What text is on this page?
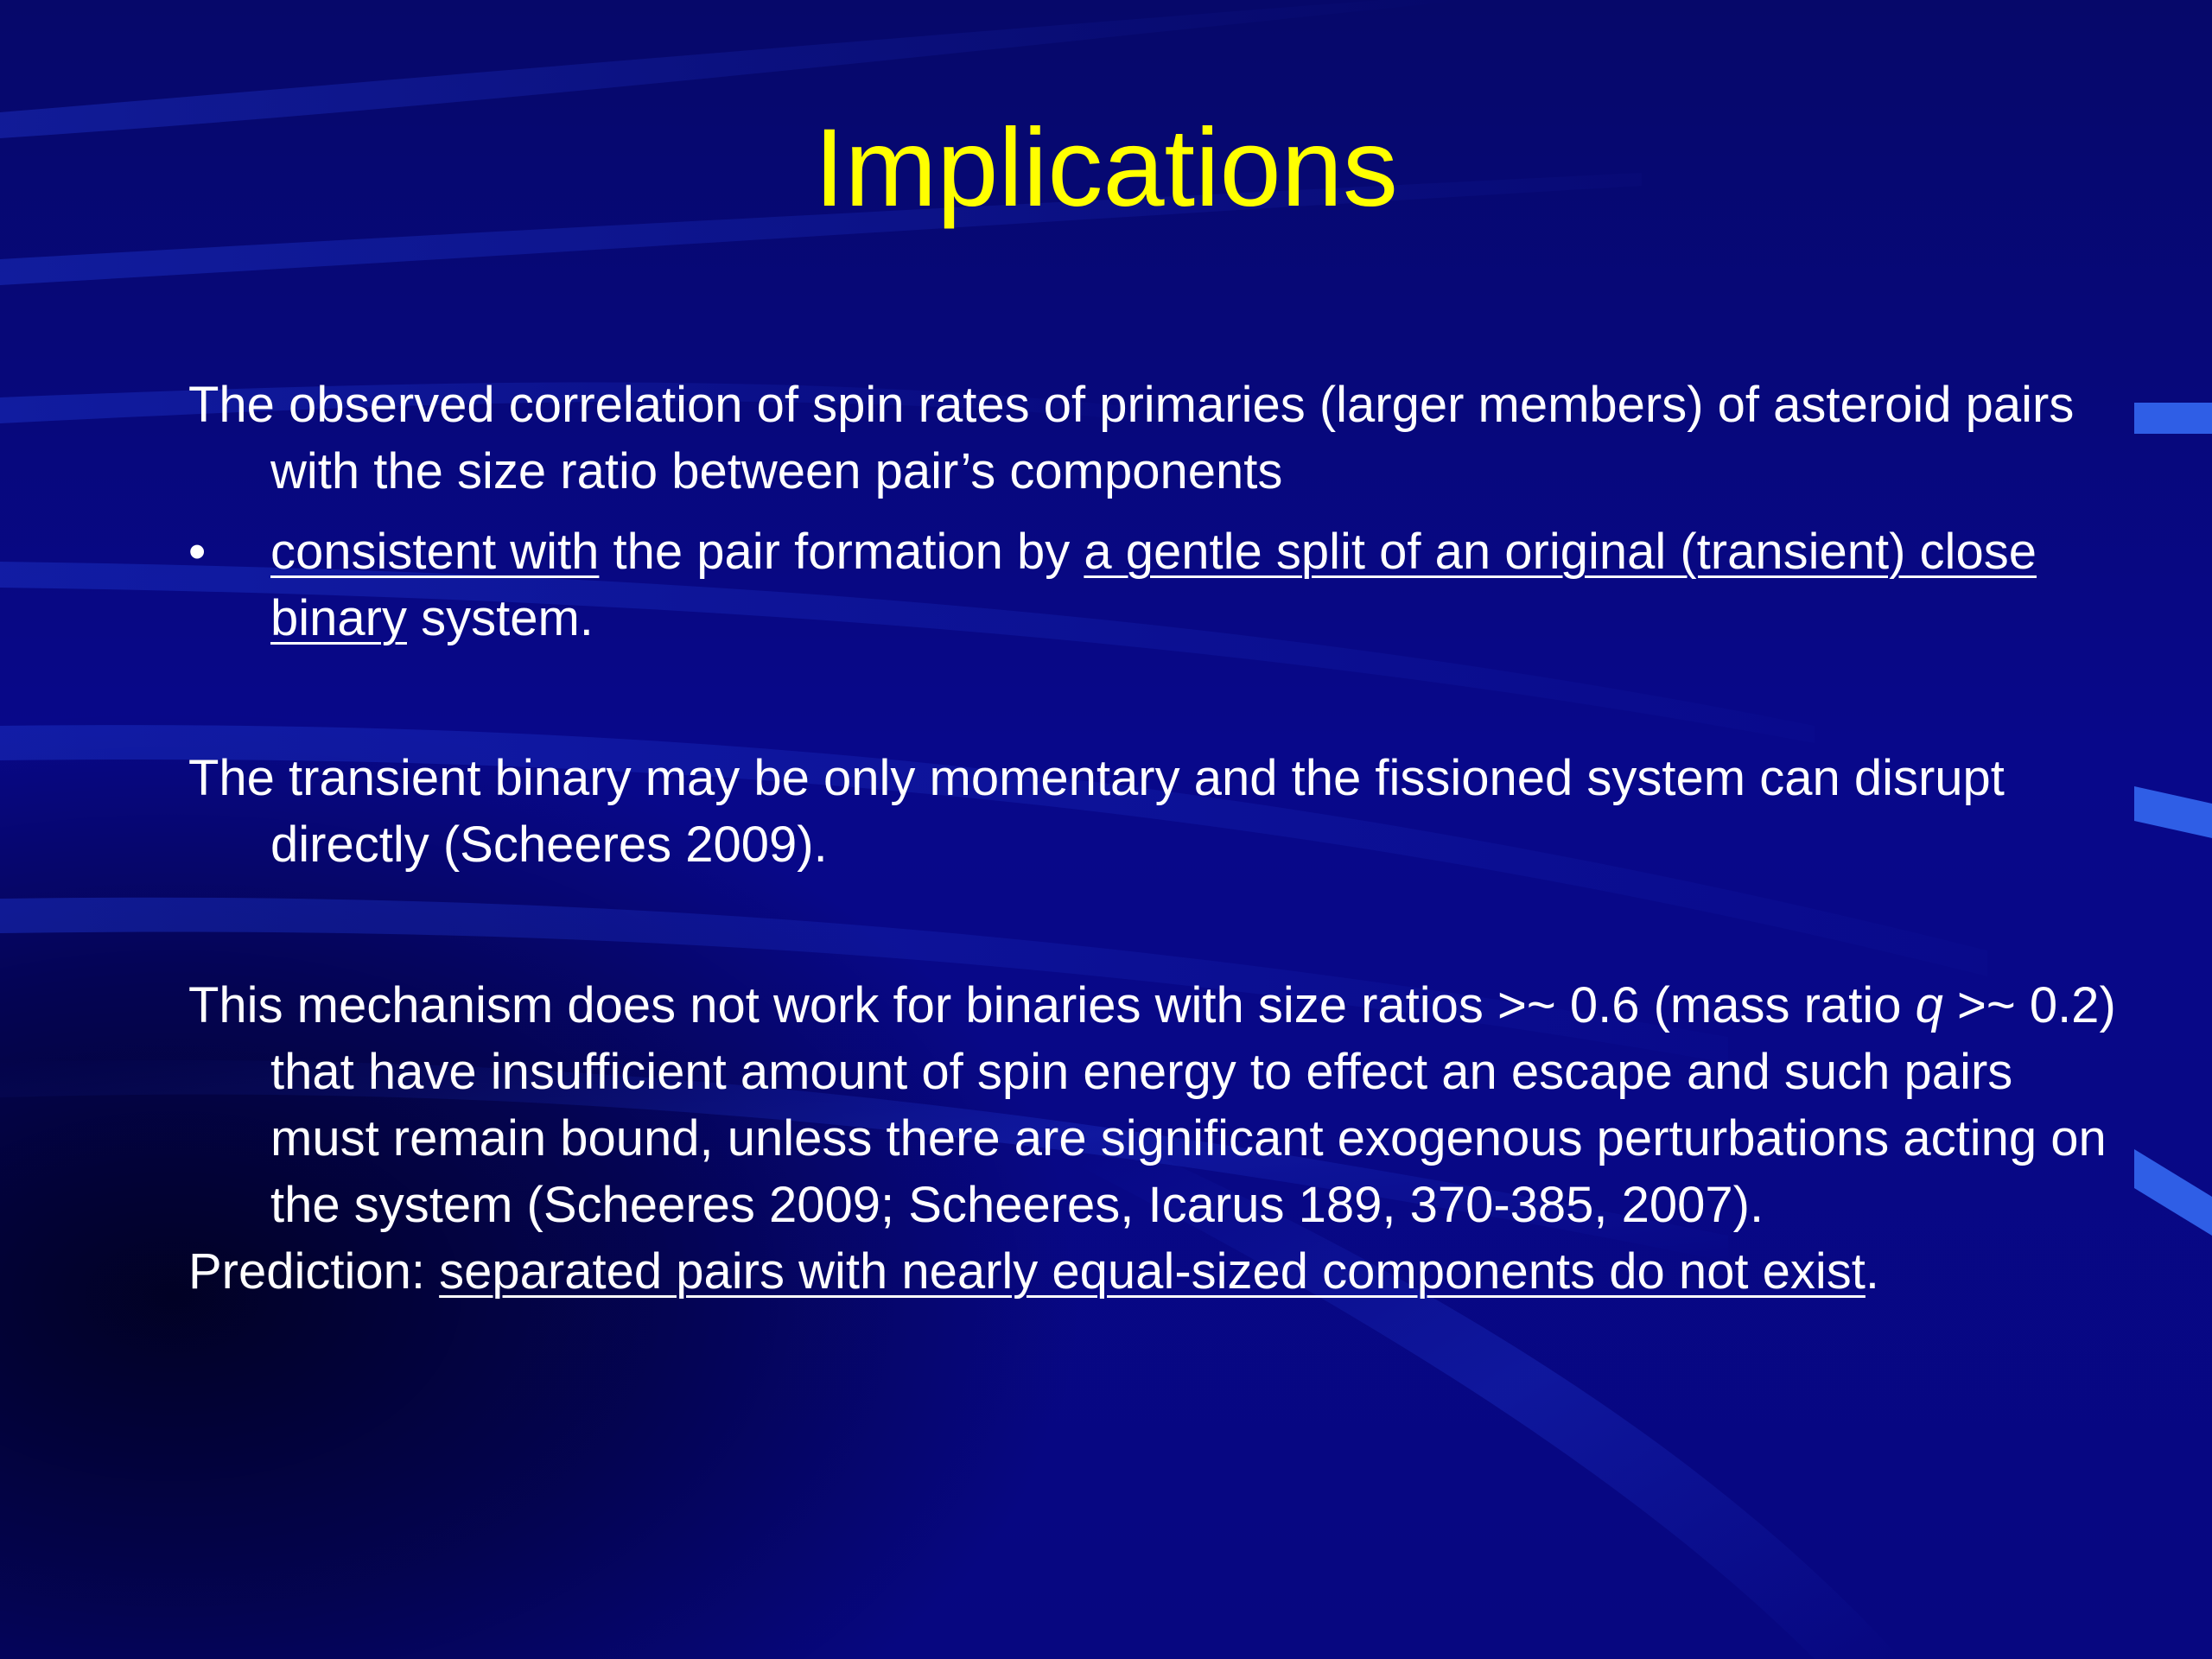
Implications

The observed correlation of spin rates of primaries (larger members) of asteroid pairs with the size ratio between pair’s components

•	consistent with the pair formation by a gentle split of an original (transient) close binary system.

The transient binary may be only momentary and the fissioned system can disrupt directly (Scheeres 2009).

This mechanism does not work for binaries with size ratios >~ 0.6 (mass ratio q >~ 0.2) that have insufficient amount of spin energy to effect an escape and such pairs must remain bound, unless there are significant exogenous perturbations acting on the system (Scheeres 2009; Scheeres, Icarus 189, 370-385, 2007).

Prediction: separated pairs with nearly equal-sized components do not exist.
